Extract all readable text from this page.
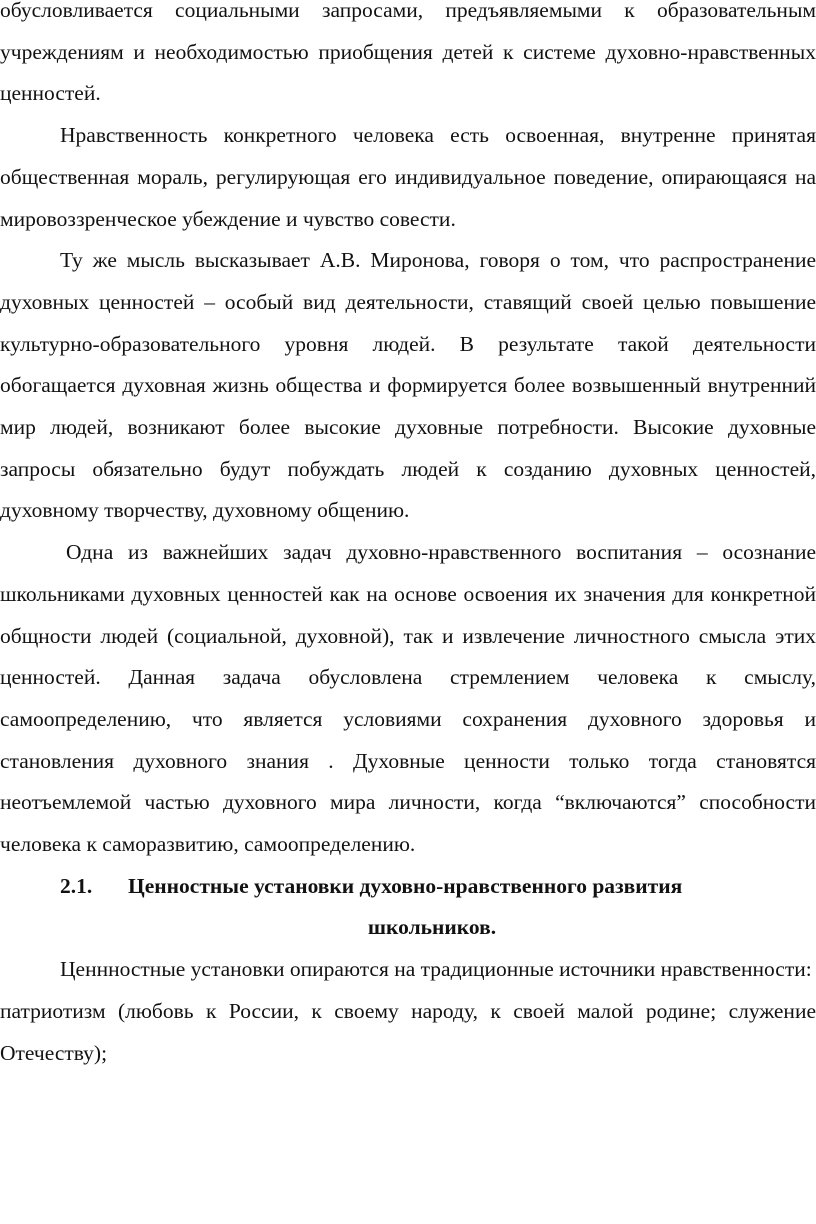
обусловливается социальными запросами, предъявляемыми к образовательным учреждениям и необходимостью приобщения детей к системе духовно-нравственных ценностей.

Нравственность конкретного человека есть освоенная, внутренне принятая общественная мораль, регулирующая его индивидуальное поведение, опирающаяся на мировоззренческое убеждение и чувство совести.

Ту же мысль высказывает А.В. Миронова, говоря о том, что распространение духовных ценностей – особый вид деятельности, ставящий своей целью повышение культурно-образовательного уровня людей. В результате такой деятельности обогащается духовная жизнь общества и формируется более возвышенный внутренний мир людей, возникают более высокие духовные потребности. Высокие духовные запросы обязательно будут побуждать людей к созданию духовных ценностей, духовному творчеству, духовному общению.

Одна из важнейших задач духовно-нравственного воспитания – осознание школьниками духовных ценностей как на основе освоения их значения для конкретной общности людей (социальной, духовной), так и извлечение личностного смысла этих ценностей. Данная задача обусловлена стремлением человека к смыслу, самоопределению, что является условиями сохранения духовного здоровья и становления духовного знания . Духовные ценности только тогда становятся неотъемлемой частью духовного мира личности, когда “включаются” способности человека к саморазвитию, самоопределению.

2.1. Ценностные установки духовно-нравственного развития
школьников.

Ценнностные установки опираются на традиционные источники нравственности:

патриотизм (любовь к России, к своему народу, к своей малой родине; служение Отечеству);
